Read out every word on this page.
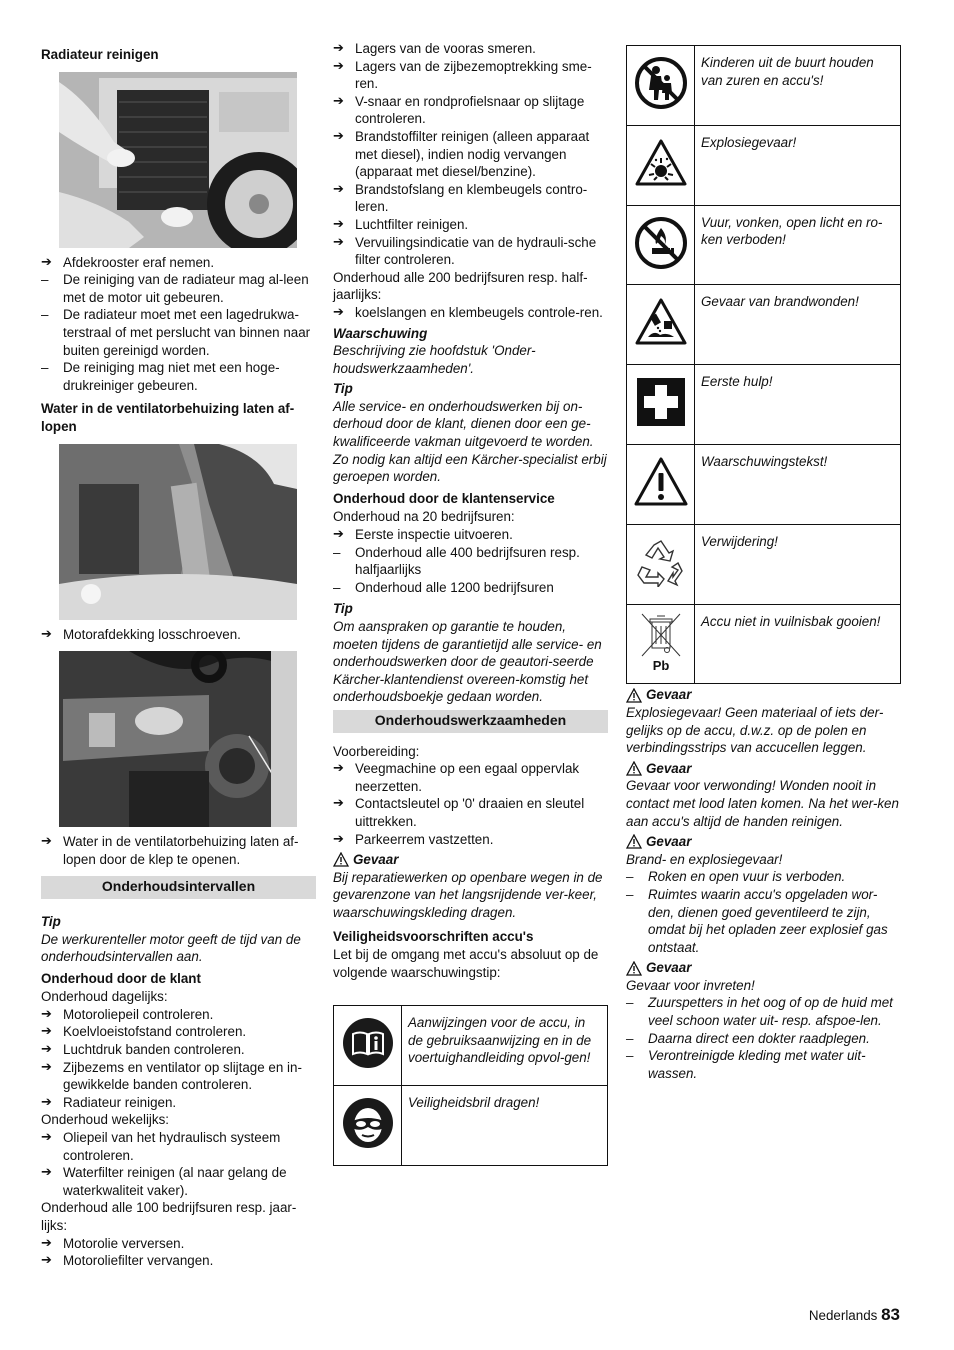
Radiateur reinigen
➔ Afdekrooster eraf nemen.
– De reiniging van de radiateur mag al-leen met de motor uit gebeuren.
– De radiateur moet met een lagedrukwa-terstraal of met perslucht van binnen naar buiten gereinigd worden.
– De reiniging mag niet met een hoge-drukreiniger gebeuren.
Water in de ventilatorbehuizing laten af-lopen
➔ Motorafdekking losschroeven.
➔ Water in de ventilatorbehuizing laten af-lopen door de klep te openen.
Onderhoudsintervallen
Tip
De werkurenteller motor geeft de tijd van de onderhoudsintervallen aan.
Onderhoud door de klant
Onderhoud dagelijks:
➔ Motoroliepeil controleren.
➔ Koelvloeistofstand controleren.
➔ Luchtdruk banden controleren.
➔ Zijbezems en ventilator op slijtage en in-gewikkelde banden controleren.
➔ Radiateur reinigen.
Onderhoud wekelijks:
➔ Oliepeil van het hydraulisch systeem controleren.
➔ Waterfilter reinigen (al naar gelang de waterkwaliteit vaker).
Onderhoud alle 100 bedrijfsuren resp. jaar-lijks:
➔ Motorolie verversen.
➔ Motoroliefilter vervangen.
➔ Lagers van de vooras smeren.
➔ Lagers van de zijbezemoptrekking sme-ren.
➔ V-snaar en rondprofielsnaar op slijtage controleren.
➔ Brandstoffilter reinigen (alleen apparaat met diesel), indien nodig vervangen (apparaat met diesel/benzine).
➔ Brandstofslang en klembeugels contro-leren.
➔ Luchtfilter reinigen.
➔ Vervuilingsindicatie van de hydrauli-sche filter controleren.
Onderhoud alle 200 bedrijfsuren resp. half-jaarlijks:
➔ koelslangen en klembeugels controle-ren.
Waarschuwing
Beschrijving zie hoofdstuk 'Onder-houdswerkzaamheden'.
Tip
Alle service- en onderhoudswerken bij on-derhoud door de klant, dienen door een ge-kwalificeerde vakman uitgevoerd te worden. Zo nodig kan altijd een Kärcher-specialist erbij geroepen worden.
Onderhoud door de klantenservice
Onderhoud na 20 bedrijfsuren:
➔ Eerste inspectie uitvoeren.
– Onderhoud alle 400 bedrijfsuren resp. halfjaarlijks
– Onderhoud alle 1200 bedrijfsuren
Tip
Om aanspraken op garantie te houden, moeten tijdens de garantietijd alle service- en onderhoudswerken door de geautori-seerde Kärcher-klantendienst overeen-komstig het onderhoudsboekje gedaan worden.
Onderhoudswerkzaamheden
Voorbereiding:
➔ Veegmachine op een egaal oppervlak neerzetten.
➔ Contactsleutel op '0' draaien en sleutel uittrekken.
➔ Parkeerrem vastzetten.
Gevaar
Bij reparatiewerken op openbare wegen in de gevarenzone van het langsrijdende ver-keer, waarschuwingskleding dragen.
Veiligheidsvoorschriften accu's
Let bij de omgang met accu's absoluut op de volgende waarschuwingstip:
	Aanwijzingen voor de accu, in de gebruiksaanwijzing en in de voertuighandleiding opvol-gen!
	Veiligheidsbril dragen!
	Kinderen uit de buurt houden van zuren en accu's!
	Explosiegevaar!
	Vuur, vonken, open licht en ro-ken verboden!
	Gevaar van brandwonden!
	Eerste hulp!
	Waarschuwingstekst!
	Verwijdering!

Pb	Accu niet in vuilnisbak gooien!
Gevaar
Explosiegevaar! Geen materiaal of iets der-gelijks op de accu, d.w.z. op de polen en verbindingsstrips van accucellen leggen.
Gevaar
Gevaar voor verwonding! Wonden nooit in contact met lood laten komen. Na het wer-ken aan accu's altijd de handen reinigen.
Gevaar
Brand- en explosiegevaar!
– Roken en open vuur is verboden.
– Ruimtes waarin accu's opgeladen wor-den, dienen goed geventileerd te zijn, omdat bij het opladen zeer explosief gas ontstaat.
Gevaar
Gevaar voor invreten!
– Zuurspetters in het oog of op de huid met veel schoon water uit- resp. afspoe-len.
– Daarna direct een dokter raadplegen.
– Verontreinigde kleding met water uit-wassen.
Nederlands 83
